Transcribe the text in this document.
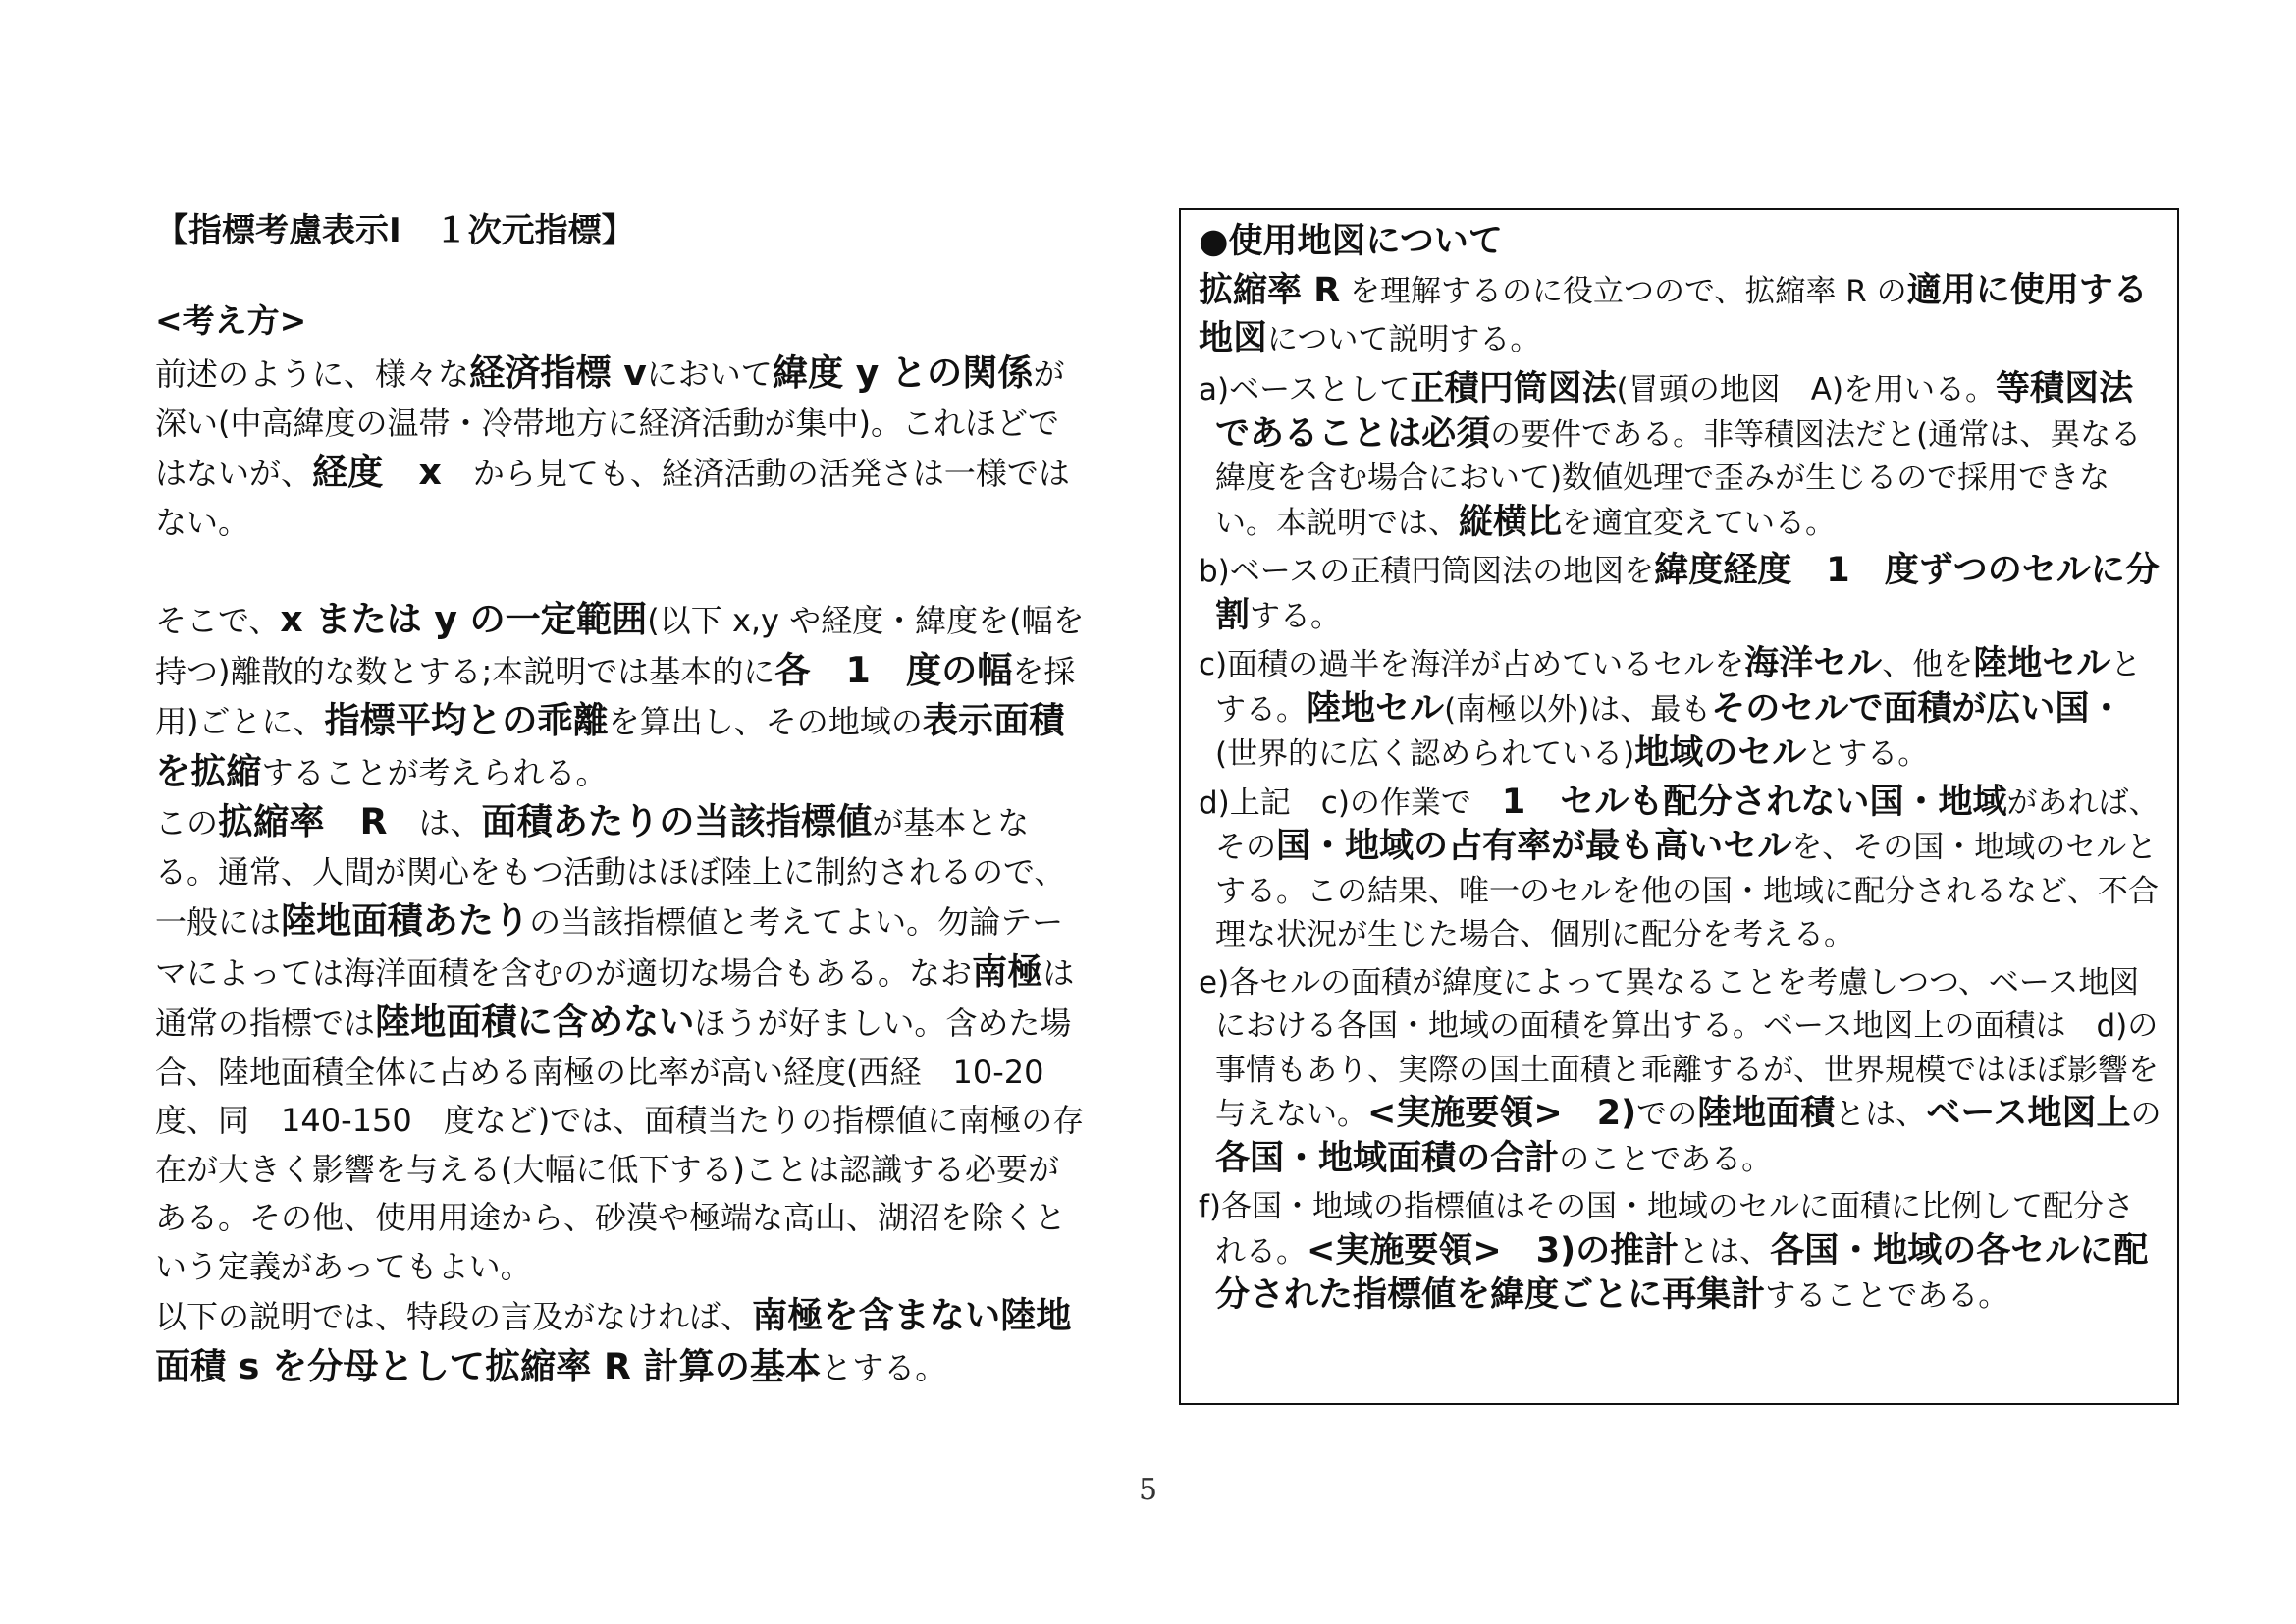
【指標考慮表示Ⅰ　１次元指標】

<考え方>

前述のように、様々な経済指標 vにおいて緯度 y との関係が深い(中高緯度の温帯・冷帯地方に経済活動が集中)。これほどではないが、経度　x　から見ても、経済活動の活発さは一様ではない。

そこで、x または y の一定範囲(以下 x,y や経度・緯度を(幅を持つ)離散的な数とする;本説明では基本的に各　1　度の幅を採用)ごとに、指標平均との乖離を算出し、その地域の表示面積を拡縮することが考えられる。

この拡縮率　R　は、面積あたりの当該指標値が基本となる。通常、人間が関心をもつ活動はほぼ陸上に制約されるので、一般には陸地面積あたりの当該指標値と考えてよい。勿論テーマによっては海洋面積を含むのが適切な場合もある。なお南極は通常の指標では陸地面積に含めないほうが好ましい。含めた場合、陸地面積全体に占める南極の比率が高い経度(西経　10-20　度、同　140-150　度など)では、面積当たりの指標値に南極の存在が大きく影響を与える(大幅に低下する)ことは認識する必要がある。その他、使用用途から、砂漠や極端な高山、湖沼を除くという定義があってもよい。

以下の説明では、特段の言及がなければ、南極を含まない陸地面積 s を分母として拡縮率 R 計算の基本とする。

●使用地図について

拡縮率 R を理解するのに役立つので、拡縮率 R の適用に使用する地図について説明する。

a)ベースとして正積円筒図法(冒頭の地図　A)を用いる。等積図法であることは必須の要件である。非等積図法だと(通常は、異なる緯度を含む場合において)数値処理で歪みが生じるので採用できない。本説明では、縦横比を適宜変えている。

b)ベースの正積円筒図法の地図を緯度経度　1　度ずつのセルに分割する。

c)面積の過半を海洋が占めているセルを海洋セル、他を陸地セルとする。陸地セル(南極以外)は、最もそのセルで面積が広い国・(世界的に広く認められている)地域のセルとする。

d)上記　c)の作業で　1　セルも配分されない国・地域があれば、その国・地域の占有率が最も高いセルを、その国・地域のセルとする。この結果、唯一のセルを他の国・地域に配分されるなど、不合理な状況が生じた場合、個別に配分を考える。

e)各セルの面積が緯度によって異なることを考慮しつつ、ベース地図における各国・地域の面積を算出する。ベース地図上の面積は　d)の事情もあり、実際の国土面積と乖離するが、世界規模ではほぼ影響を与えない。<実施要領>　2)での陸地面積とは、ベース地図上の各国・地域面積の合計のことである。

f)各国・地域の指標値はその国・地域のセルに面積に比例して配分される。<実施要領>　3)の推計とは、各国・地域の各セルに配分された指標値を緯度ごとに再集計することである。

5
